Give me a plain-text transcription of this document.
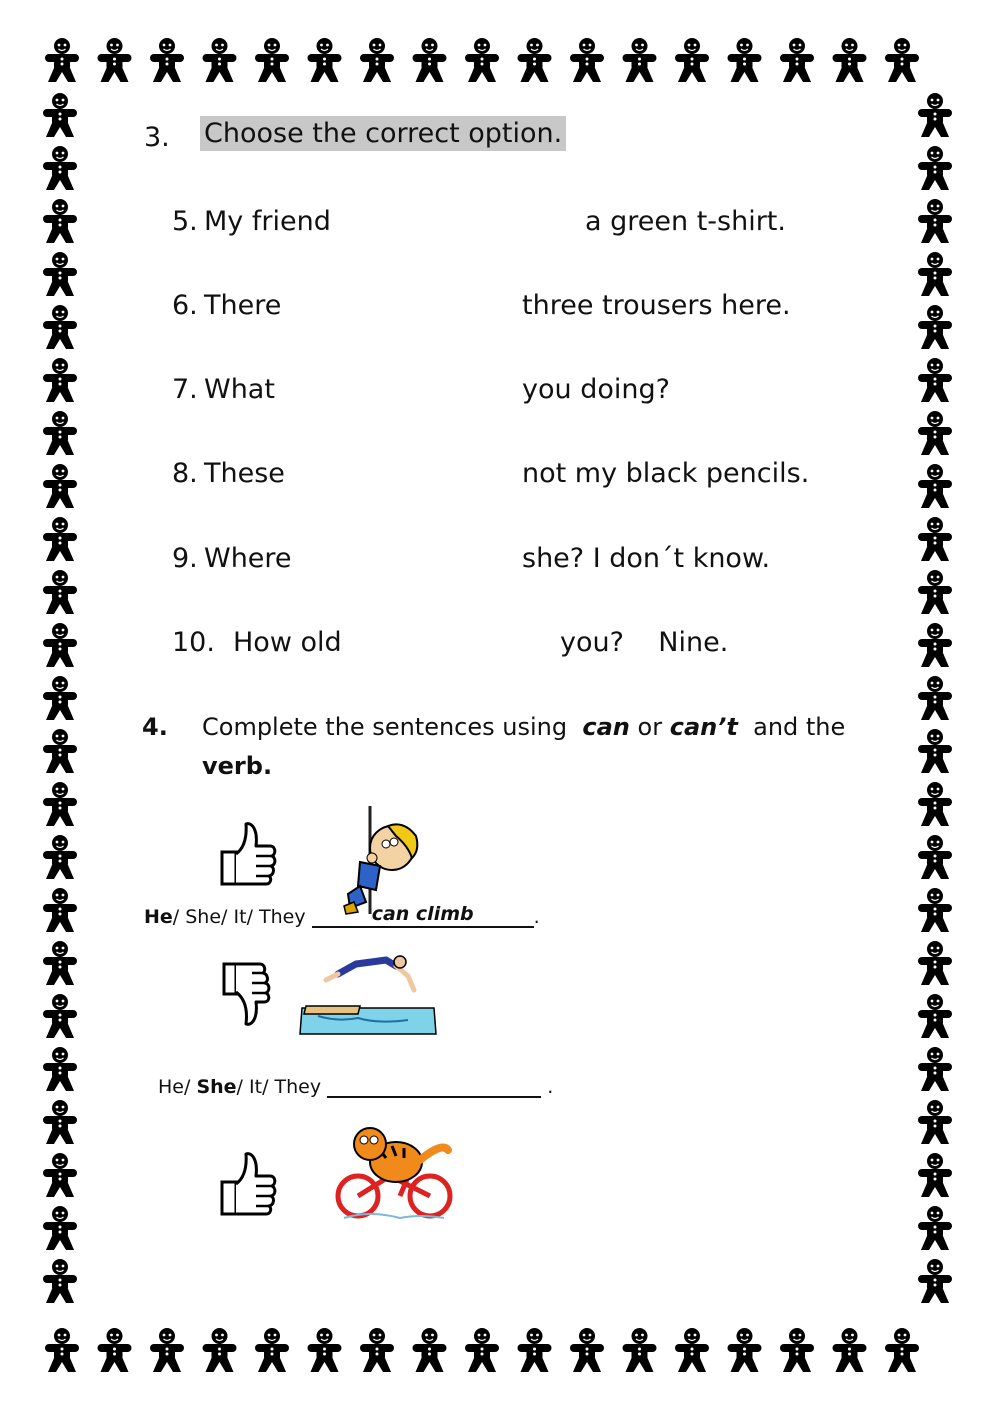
3. Choose the correct option.
5. My friend	a green t-shirt.
6. There	three trousers here.
7. What	you doing?
8. These	not my black pencils.
9. Where	she? I don´t know.
10. How old	you?    Nine.
4. Complete the sentences using can or can’t and the
verb.
He/ She/ It/ They	can climb	.
He/ She/ It/ They	.
